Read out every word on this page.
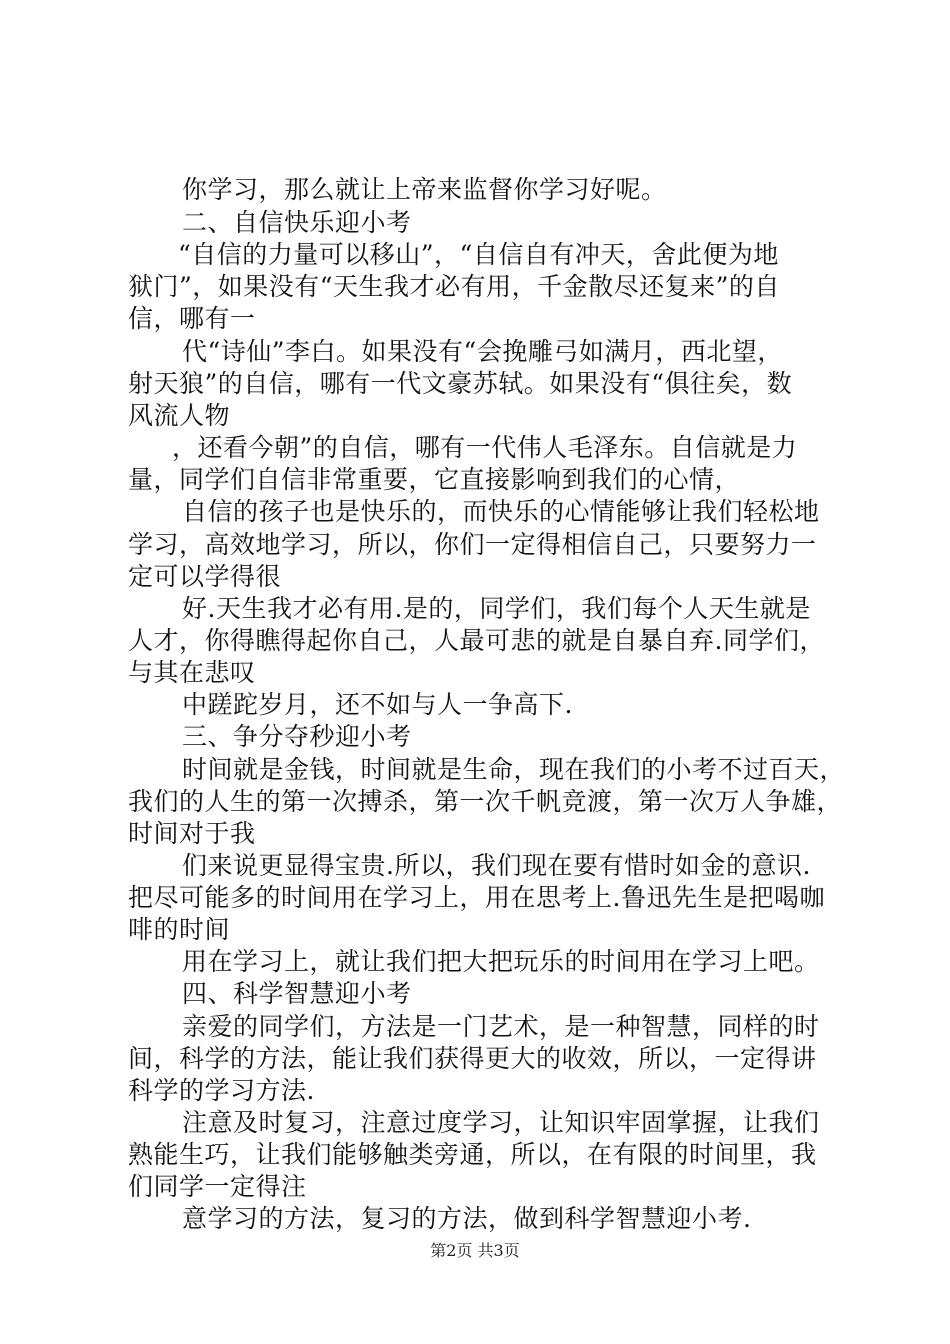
你学习，那么就让上帝来监督你学习好呢。
二、自信快乐迎小考
“自信的力量可以移山”，“自信自有冲天，舍此便为地
狱门”，如果没有“天生我才必有用，千金散尽还复来”的自
信，哪有一
代“诗仙”李白。如果没有“会挽雕弓如满月，西北望，
射天狼”的自信，哪有一代文豪苏轼。如果没有“俱往矣，数
风流人物
，还看今朝”的自信，哪有一代伟人毛泽东。自信就是力
量，同学们自信非常重要，它直接影响到我们的心情，
自信的孩子也是快乐的，而快乐的心情能够让我们轻松地
学习，高效地学习，所以，你们一定得相信自己，只要努力一
定可以学得很
好.天生我才必有用.是的，同学们，我们每个人天生就是
人才，你得瞧得起你自己，人最可悲的就是自暴自弃.同学们，
与其在悲叹
中蹉跎岁月，还不如与人一争高下.
三、争分夺秒迎小考
时间就是金钱，时间就是生命，现在我们的小考不过百天，
我们的人生的第一次搏杀，第一次千帆竞渡，第一次万人争雄，
时间对于我
们来说更显得宝贵.所以，我们现在要有惜时如金的意识.
把尽可能多的时间用在学习上，用在思考上.鲁迅先生是把喝咖
啡的时间
用在学习上，就让我们把大把玩乐的时间用在学习上吧。
四、科学智慧迎小考
亲爱的同学们，方法是一门艺术，是一种智慧，同样的时
间，科学的方法，能让我们获得更大的收效，所以，一定得讲
科学的学习方法.
注意及时复习，注意过度学习，让知识牢固掌握，让我们
熟能生巧，让我们能够触类旁通，所以，在有限的时间里，我
们同学一定得注
意学习的方法，复习的方法，做到科学智慧迎小考.
第2页 共3页
